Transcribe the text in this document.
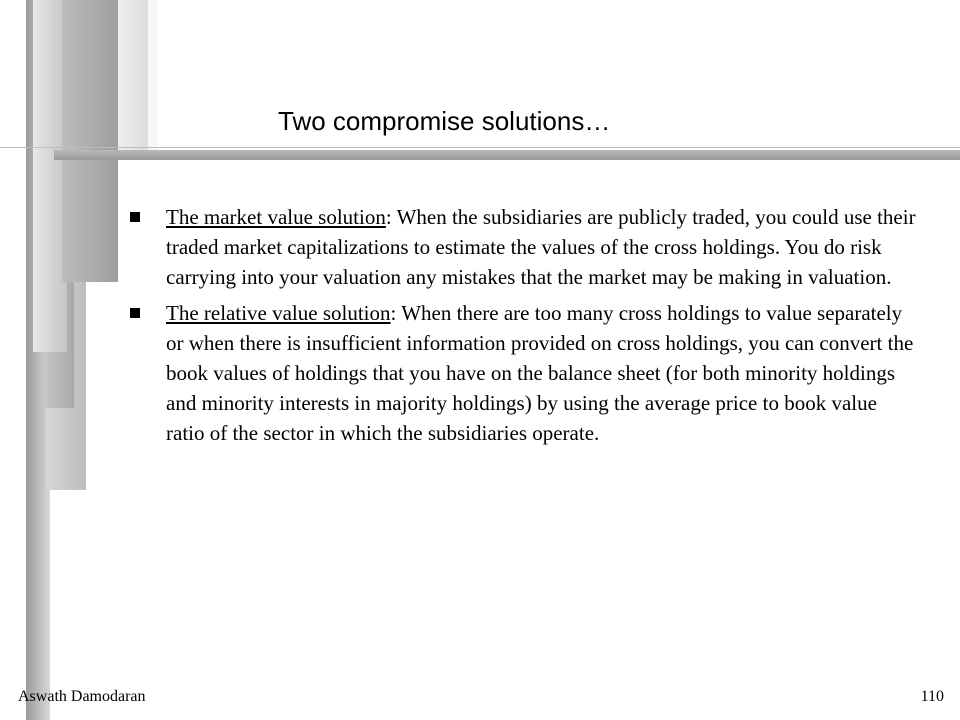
Two compromise solutions…
The market value solution: When the subsidiaries are publicly traded, you could use their traded market capitalizations to estimate the values of the cross holdings. You do risk carrying into your valuation any mistakes that the market may be making in valuation.
The relative value solution: When there are too many cross holdings to value separately or when there is insufficient information provided on cross holdings, you can convert the book values of holdings that you have on the balance sheet (for both minority holdings and minority interests in majority holdings) by using the average price to book value ratio of the sector in which the subsidiaries operate.
Aswath Damodaran	110
